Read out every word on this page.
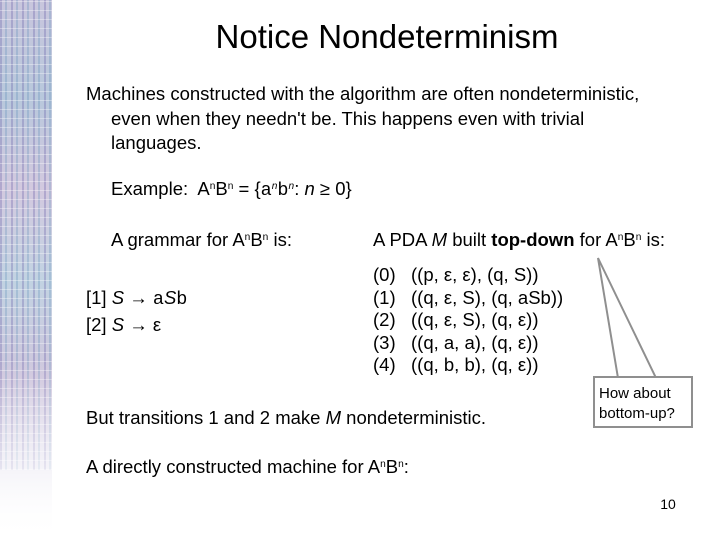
Notice Nondeterminism
Machines constructed with the algorithm are often nondeterministic,
even when they needn't be. This happens even with trivial
languages.
Example: $A^nB^n = \{a^nb^n$: n ≥ 0}
A grammar for $A^nB^n$ is:	A PDA M built top-down for $A^nB^n$ is:
[1] S → aSb
[2] S → ε
(0) ((p, ε, ε), (q, S))
(1) ((q, ε, S), (q, aSb))
(2) ((q, ε, S), (q, ε))
(3) ((q, a, a), (q, ε))
(4) ((q, b, b), (q, ε))
How about bottom-up?
But transitions 1 and 2 make M nondeterministic.
A directly constructed machine for $A^nB^n$:
10
